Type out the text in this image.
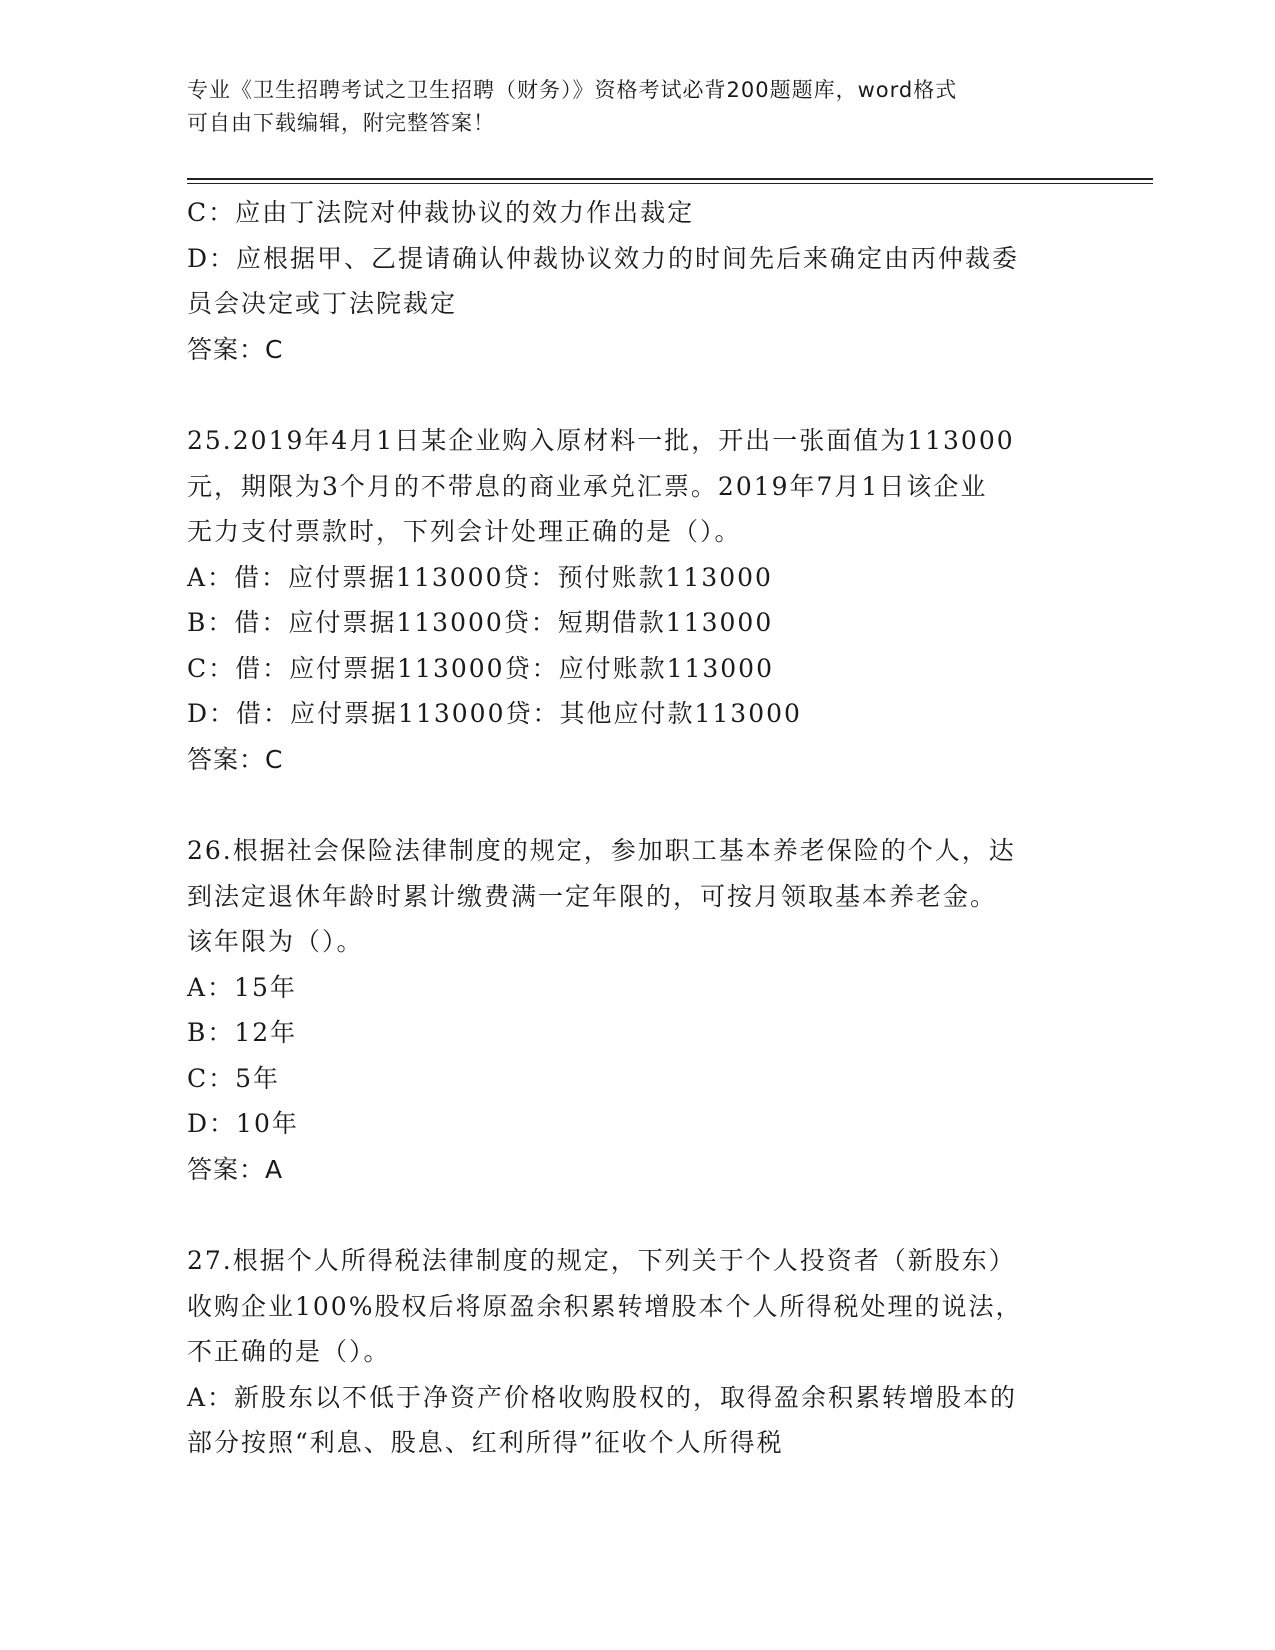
专业《卫生招聘考试之卫生招聘（财务）》资格考试必背200题题库，word格式
可自由下载编辑，附完整答案！
C：应由丁法院对仲裁协议的效力作出裁定
D：应根据甲、乙提请确认仲裁协议效力的时间先后来确定由丙仲裁委
员会决定或丁法院裁定
答案：C
25.2019年4月1日某企业购入原材料一批，开出一张面值为113000
元，期限为3个月的不带息的商业承兑汇票。2019年7月1日该企业
无力支付票款时，下列会计处理正确的是（）。
A：借：应付票据113000贷：预付账款113000
B：借：应付票据113000贷：短期借款113000
C：借：应付票据113000贷：应付账款113000
D：借：应付票据113000贷：其他应付款113000
答案：C
26.根据社会保险法律制度的规定，参加职工基本养老保险的个人，达
到法定退休年龄时累计缴费满一定年限的，可按月领取基本养老金。
该年限为（）。
A：15年
B：12年
C：5年
D：10年
答案：A
27.根据个人所得税法律制度的规定，下列关于个人投资者（新股东）
收购企业100%股权后将原盈余积累转增股本个人所得税处理的说法，
不正确的是（）。
A：新股东以不低于净资产价格收购股权的，取得盈余积累转增股本的
部分按照“利息、股息、红利所得”征收个人所得税
